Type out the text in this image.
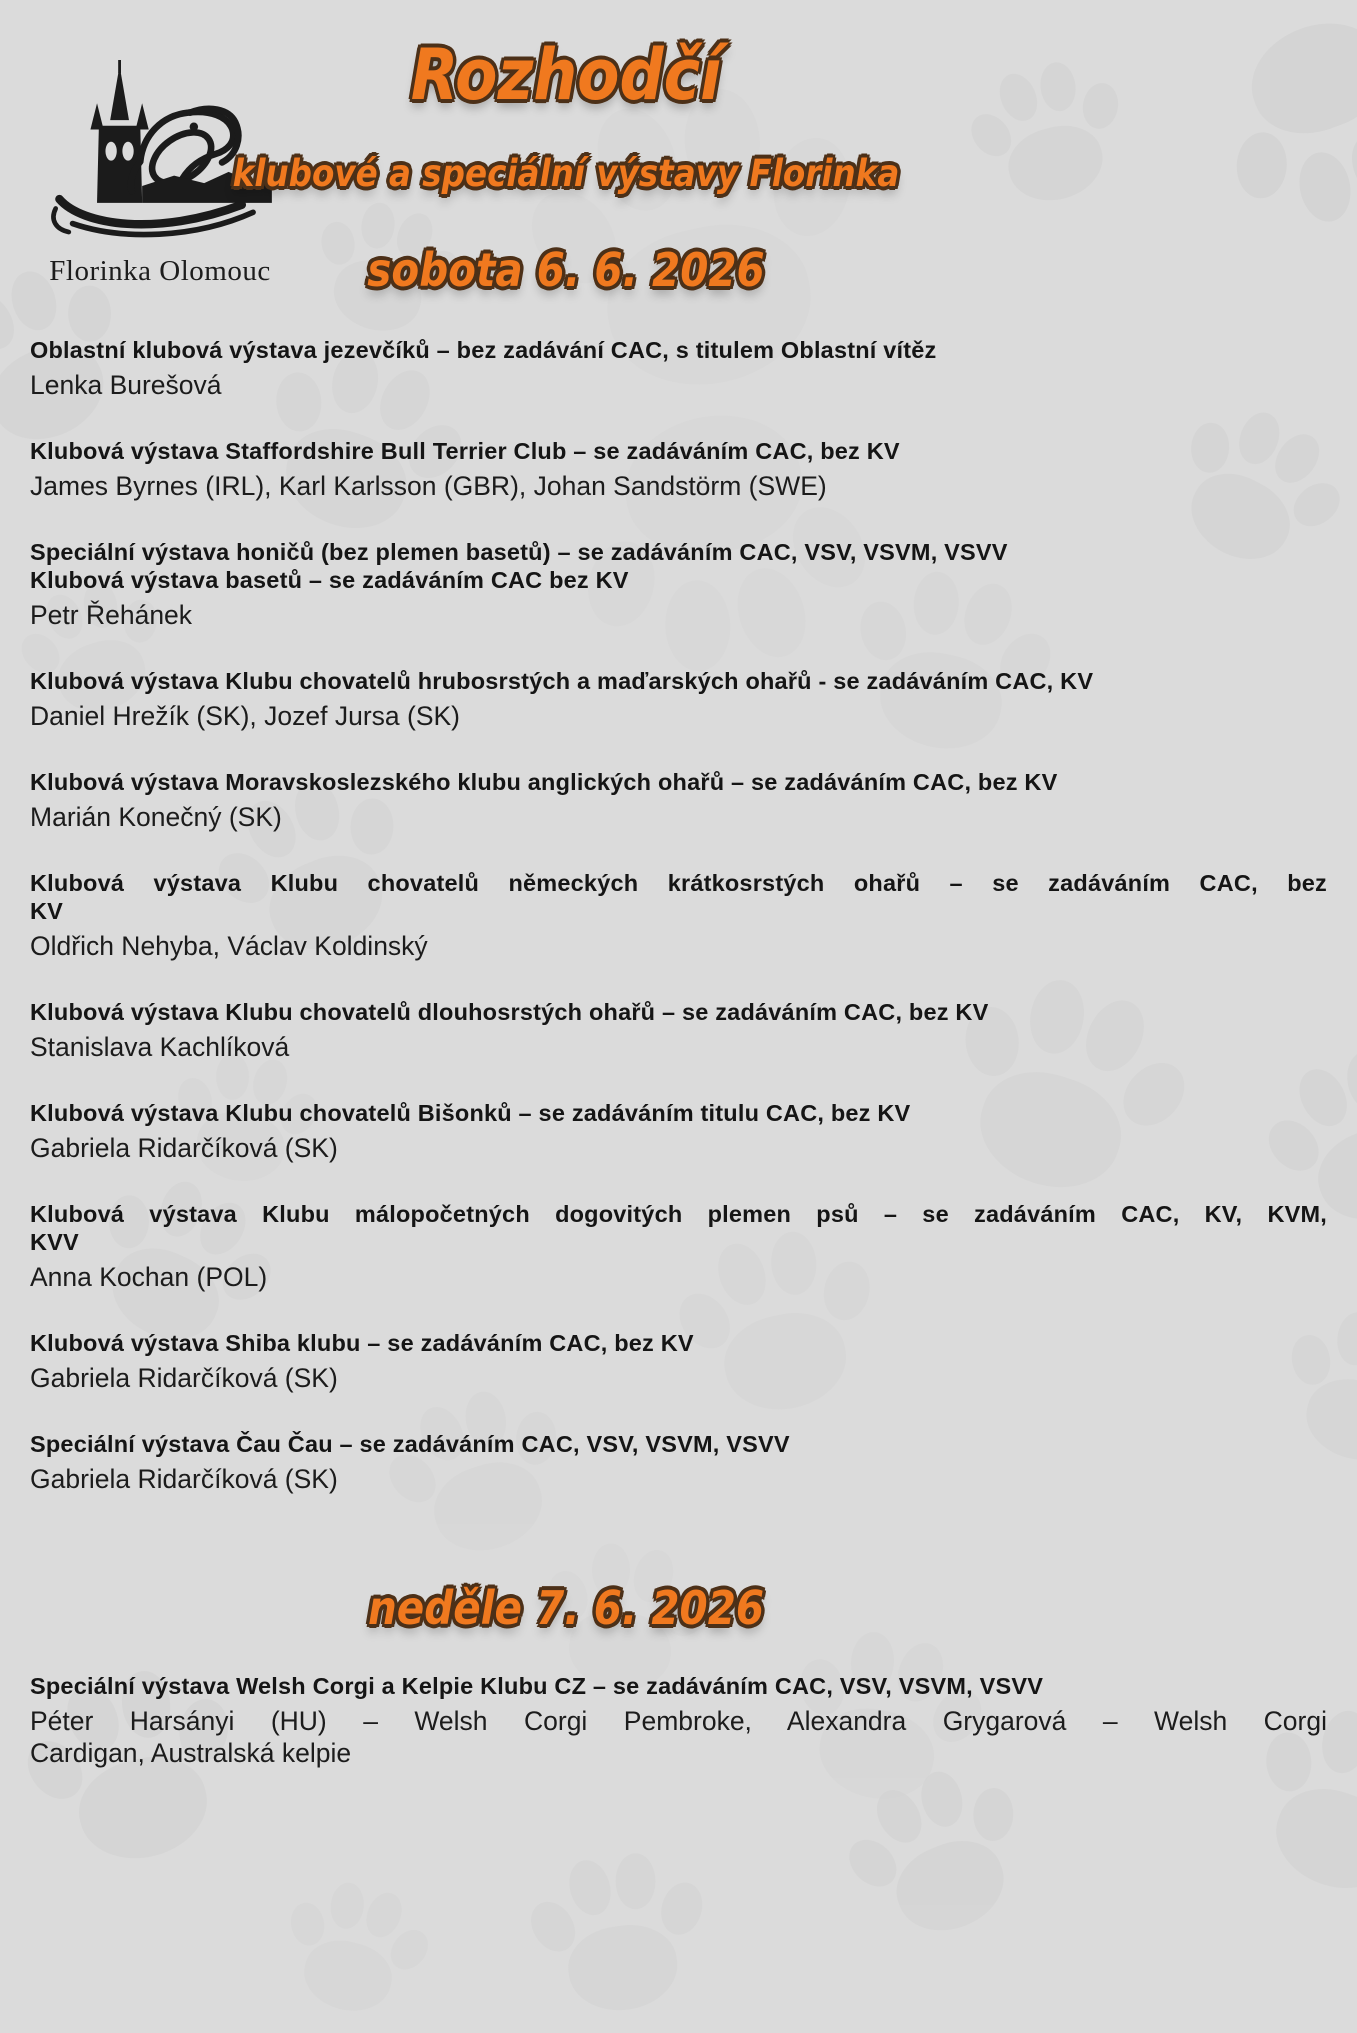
Florinka Olomouc
Rozhodčí
klubové a speciální výstavy Florinka
sobota 6. 6. 2026
Oblastní klubová výstava jezevčíků – bez zadávání CAC, s titulem Oblastní vítěz
Lenka Burešová
Klubová výstava Staffordshire Bull Terrier Club – se zadáváním CAC, bez KV
James Byrnes (IRL), Karl Karlsson (GBR), Johan Sandstörm (SWE)
Speciální výstava honičů (bez plemen basetů) – se zadáváním CAC, VSV, VSVM, VSVV
Klubová výstava basetů – se zadáváním CAC bez KV
Petr Řehánek
Klubová výstava Klubu chovatelů hrubosrstých a maďarských ohařů - se zadáváním CAC, KV
Daniel Hrežík (SK), Jozef Jursa (SK)
Klubová výstava Moravskoslezského klubu anglických ohařů – se zadáváním CAC, bez KV
Marián Konečný (SK)
Klubová výstava Klubu chovatelů německých krátkosrstých ohařů – se zadáváním CAC, bez
KV
Oldřich Nehyba, Václav Koldinský
Klubová výstava Klubu chovatelů dlouhosrstých ohařů – se zadáváním CAC, bez KV
Stanislava Kachlíková
Klubová výstava Klubu chovatelů Bišonků – se zadáváním titulu CAC, bez KV
Gabriela Ridarčíková (SK)
Klubová výstava Klubu málopočetných dogovitých plemen psů – se zadáváním CAC, KV, KVM,
KVV
Anna Kochan (POL)
Klubová výstava Shiba klubu – se zadáváním CAC, bez KV
Gabriela Ridarčíková (SK)
Speciální výstava Čau Čau – se zadáváním CAC, VSV, VSVM, VSVV
Gabriela Ridarčíková (SK)
neděle 7. 6. 2026
Speciální výstava Welsh Corgi a Kelpie Klubu CZ – se zadáváním CAC, VSV, VSVM, VSVV
Péter Harsányi (HU) – Welsh Corgi Pembroke, Alexandra Grygarová – Welsh Corgi
Cardigan, Australská kelpie
